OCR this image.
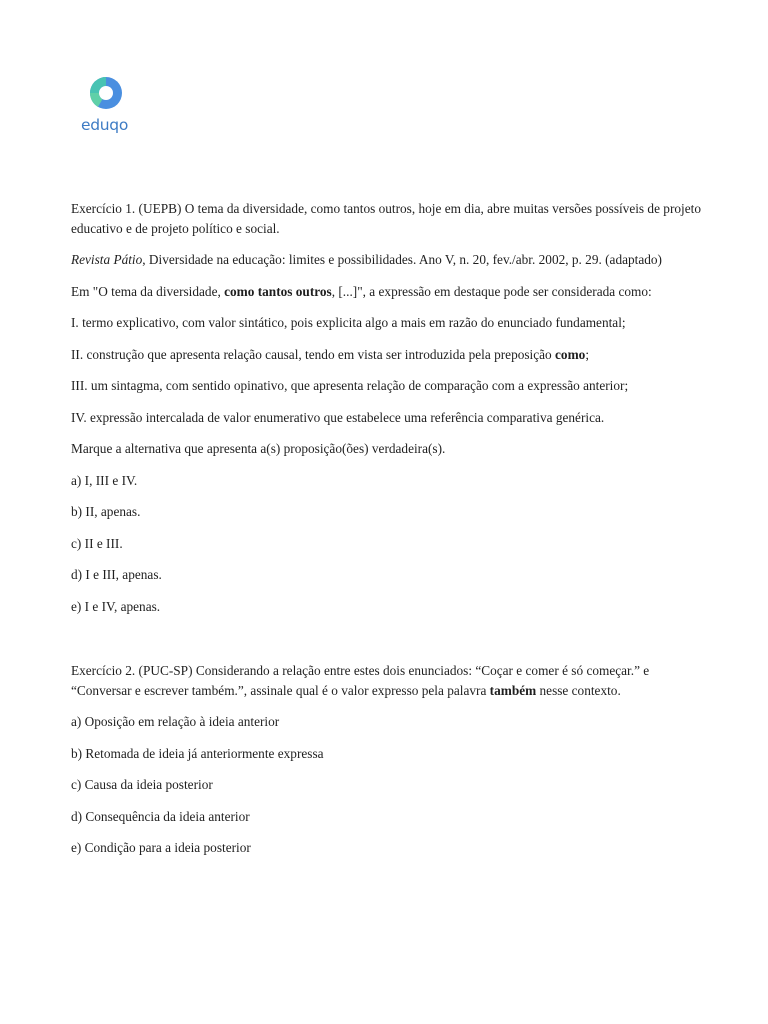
eduqo

Exercício 1. (UEPB) O tema da diversidade, como tantos outros, hoje em dia, abre muitas versões possíveis de projeto educativo e de projeto político e social.

Revista Pátio, Diversidade na educação: limites e possibilidades. Ano V, n. 20, fev./abr. 2002, p. 29. (adaptado)

Em "O tema da diversidade, como tantos outros, [...]", a expressão em destaque pode ser considerada como:

I. termo explicativo, com valor sintático, pois explicita algo a mais em razão do enunciado fundamental;

II. construção que apresenta relação causal, tendo em vista ser introduzida pela preposição como;

III. um sintagma, com sentido opinativo, que apresenta relação de comparação com a expressão anterior;

IV. expressão intercalada de valor enumerativo que estabelece uma referência comparativa genérica.

Marque a alternativa que apresenta a(s) proposição(ões) verdadeira(s).

a) I, III e IV.

b) II, apenas.

c) II e III.

d) I e III, apenas.

e) I e IV, apenas.

Exercício 2. (PUC-SP) Considerando a relação entre estes dois enunciados: “Coçar e comer é só começar.” e “Conversar e escrever também.”, assinale qual é o valor expresso pela palavra também nesse contexto.

a) Oposição em relação à ideia anterior

b) Retomada de ideia já anteriormente expressa

c) Causa da ideia posterior

d) Consequência da ideia anterior

e) Condição para a ideia posterior
